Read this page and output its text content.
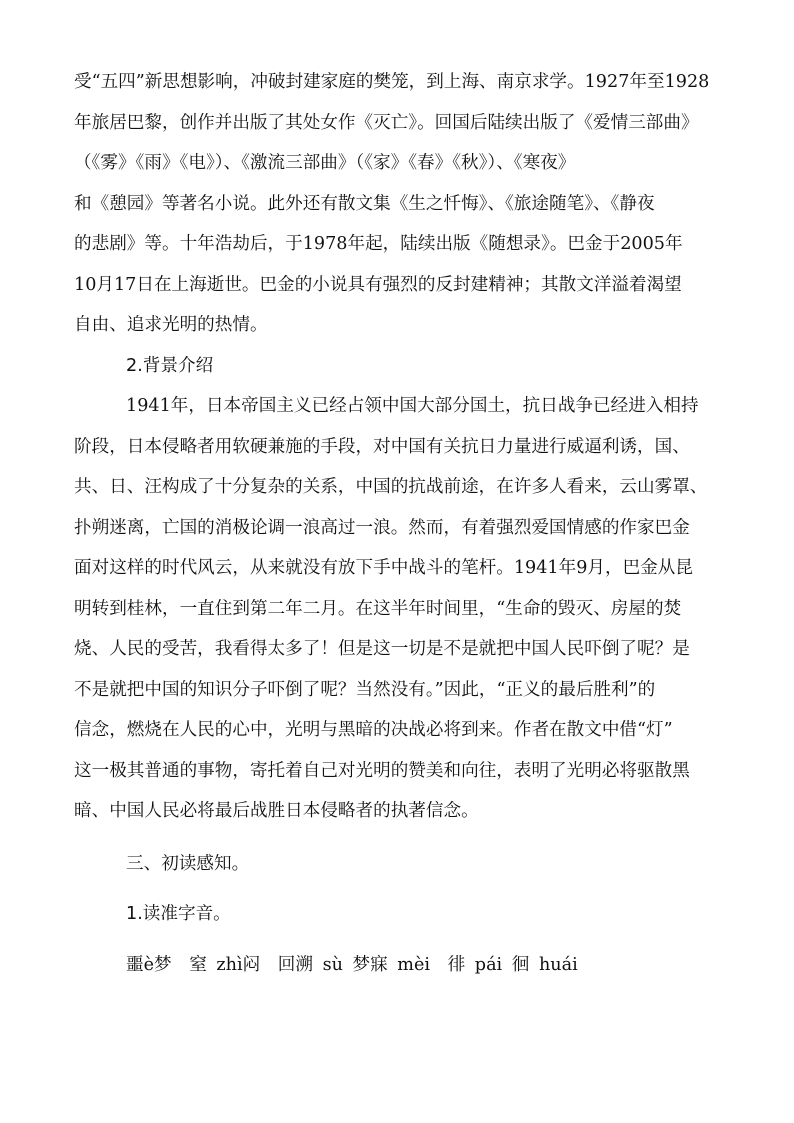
受“五四”新思想影响，冲破封建家庭的樊笼，到上海、南京求学。1927年至1928
年旅居巴黎，创作并出版了其处女作《灭亡》。回国后陆续出版了《爱情三部曲》
（《雾》《雨》《电》）、《激流三部曲》（《家》《春》《秋》）、《寒夜》
和《憩园》等著名小说。此外还有散文集《生之忏悔》、《旅途随笔》、《静夜
的悲剧》等。十年浩劫后，于1978年起，陆续出版《随想录》。巴金于2005年
10月17日在上海逝世。巴金的小说具有强烈的反封建精神；其散文洋溢着渴望
自由、追求光明的热情。
2.背景介绍
1941年，日本帝国主义已经占领中国大部分国土，抗日战争已经进入相持
阶段，日本侵略者用软硬兼施的手段，对中国有关抗日力量进行威逼利诱，国、
共、日、汪构成了十分复杂的关系，中国的抗战前途，在许多人看来，云山雾罩、
扑朔迷离，亡国的消极论调一浪高过一浪。然而，有着强烈爱国情感的作家巴金
面对这样的时代风云，从来就没有放下手中战斗的笔杆。1941年9月，巴金从昆
明转到桂林，一直住到第二年二月。在这半年时间里，“生命的毁灭、房屋的焚
烧、人民的受苦，我看得太多了！但是这一切是不是就把中国人民吓倒了呢？是
不是就把中国的知识分子吓倒了呢？当然没有。”因此，“正义的最后胜利”的
信念，燃烧在人民的心中，光明与黑暗的决战必将到来。作者在散文中借“灯”
这一极其普通的事物，寄托着自己对光明的赞美和向往，表明了光明必将驱散黑
暗、中国人民必将最后战胜日本侵略者的执著信念。
三、初读感知。
1.读准字音。
噩è梦　窒 zhì闷　回溯 sù 梦寐 mèi　徘 pái 徊 huái
